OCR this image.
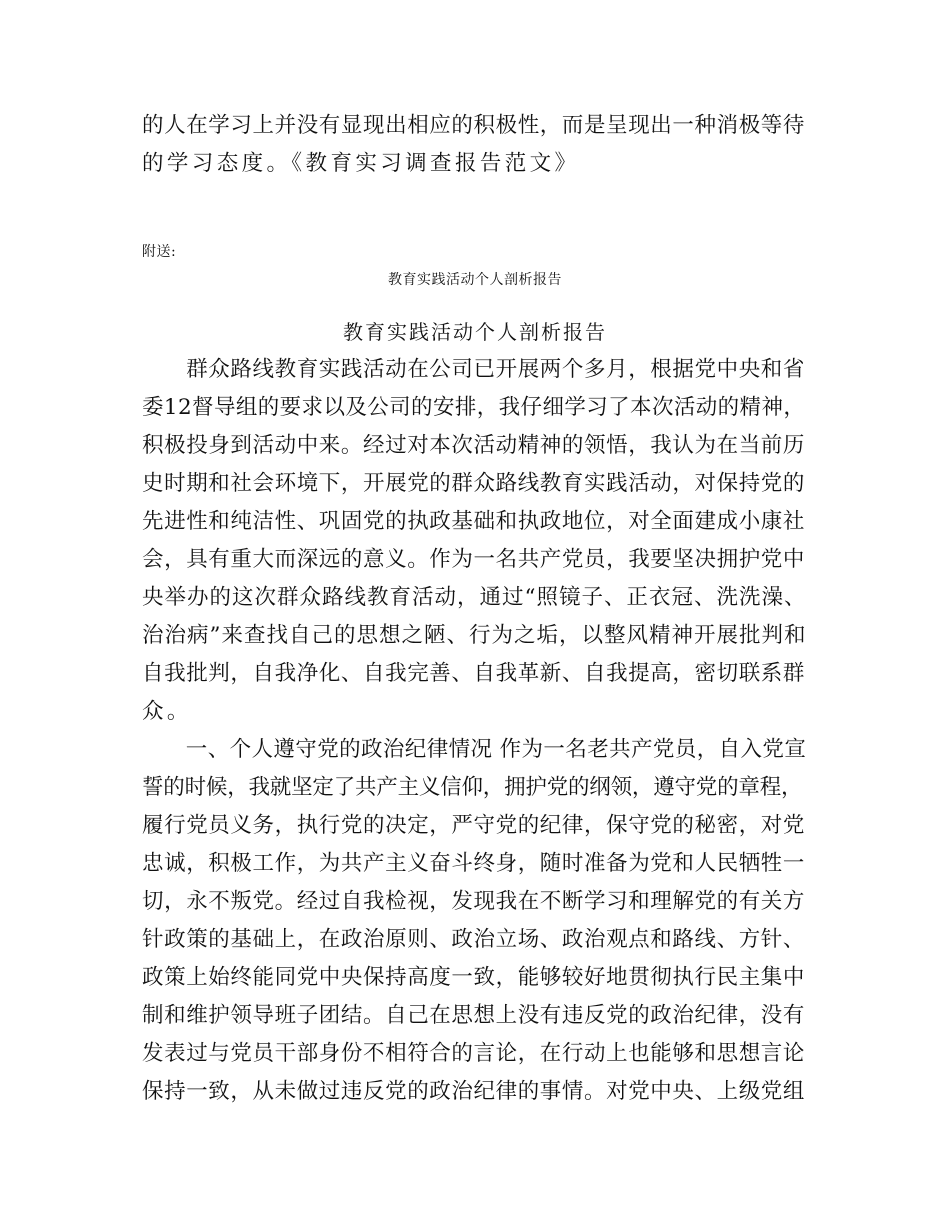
的人在学习上并没有显现出相应的积极性，而是呈现出一种消极等待
的学习态度。《教育实习调查报告范文》
附送:
教育实践活动个人剖析报告
教育实践活动个人剖析报告
　　群众路线教育实践活动在公司已开展两个多月，根据党中央和省
委12督导组的要求以及公司的安排，我仔细学习了本次活动的精神，
积极投身到活动中来。经过对本次活动精神的领悟，我认为在当前历
史时期和社会环境下，开展党的群众路线教育实践活动，对保持党的
先进性和纯洁性、巩固党的执政基础和执政地位，对全面建成小康社
会，具有重大而深远的意义。作为一名共产党员，我要坚决拥护党中
央举办的这次群众路线教育活动，通过“照镜子、正衣冠、洗洗澡、
治治病”来查找自己的思想之陋、行为之垢，以整风精神开展批判和
自我批判，自我净化、自我完善、自我革新、自我提高，密切联系群
众。
　　一、个人遵守党的政治纪律情况 作为一名老共产党员，自入党宣
誓的时候，我就坚定了共产主义信仰，拥护党的纲领，遵守党的章程，
履行党员义务，执行党的决定，严守党的纪律，保守党的秘密，对党
忠诚，积极工作，为共产主义奋斗终身，随时准备为党和人民牺牲一
切，永不叛党。经过自我检视，发现我在不断学习和理解党的有关方
针政策的基础上，在政治原则、政治立场、政治观点和路线、方针、
政策上始终能同党中央保持高度一致，能够较好地贯彻执行民主集中
制和维护领导班子团结。自己在思想上没有违反党的政治纪律，没有
发表过与党员干部身份不相符合的言论，在行动上也能够和思想言论
保持一致，从未做过违反党的政治纪律的事情。对党中央、上级党组
